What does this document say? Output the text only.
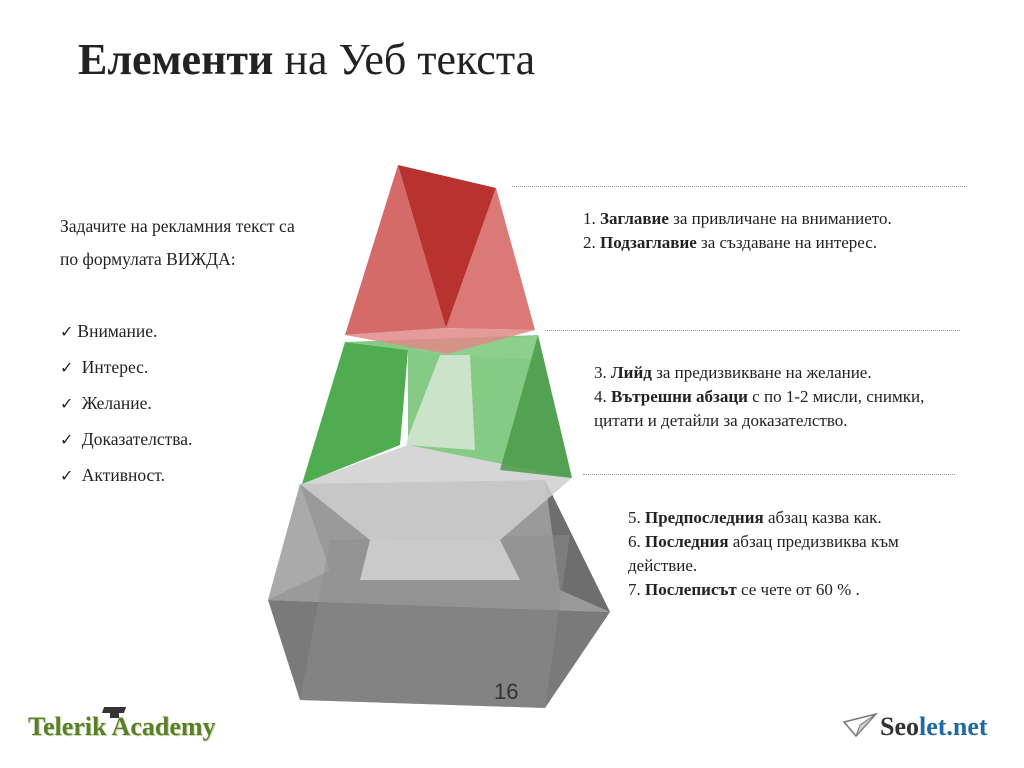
Елементи на Уеб текста
Задачите на рекламния текст са
по формулата ВИЖДА:
✓ Внимание.
✓ Интерес.
✓ Желание.
✓ Доказателства.
✓ Активност.

1. Заглавие за привличане на вниманието.

2. Подзаглавие за създаване на интерес.

3. Лийд за предизвикване на желание.

4. Вътрешни абзаци с по 1-2 мисли, снимки, цитати и детайли за доказателство.

5. Предпоследния абзац казва как.

6. Последния абзац предизвиква към действие.

7. Послеписът се чете от 60 % .

16
Telerik Academy	Seolet.net
